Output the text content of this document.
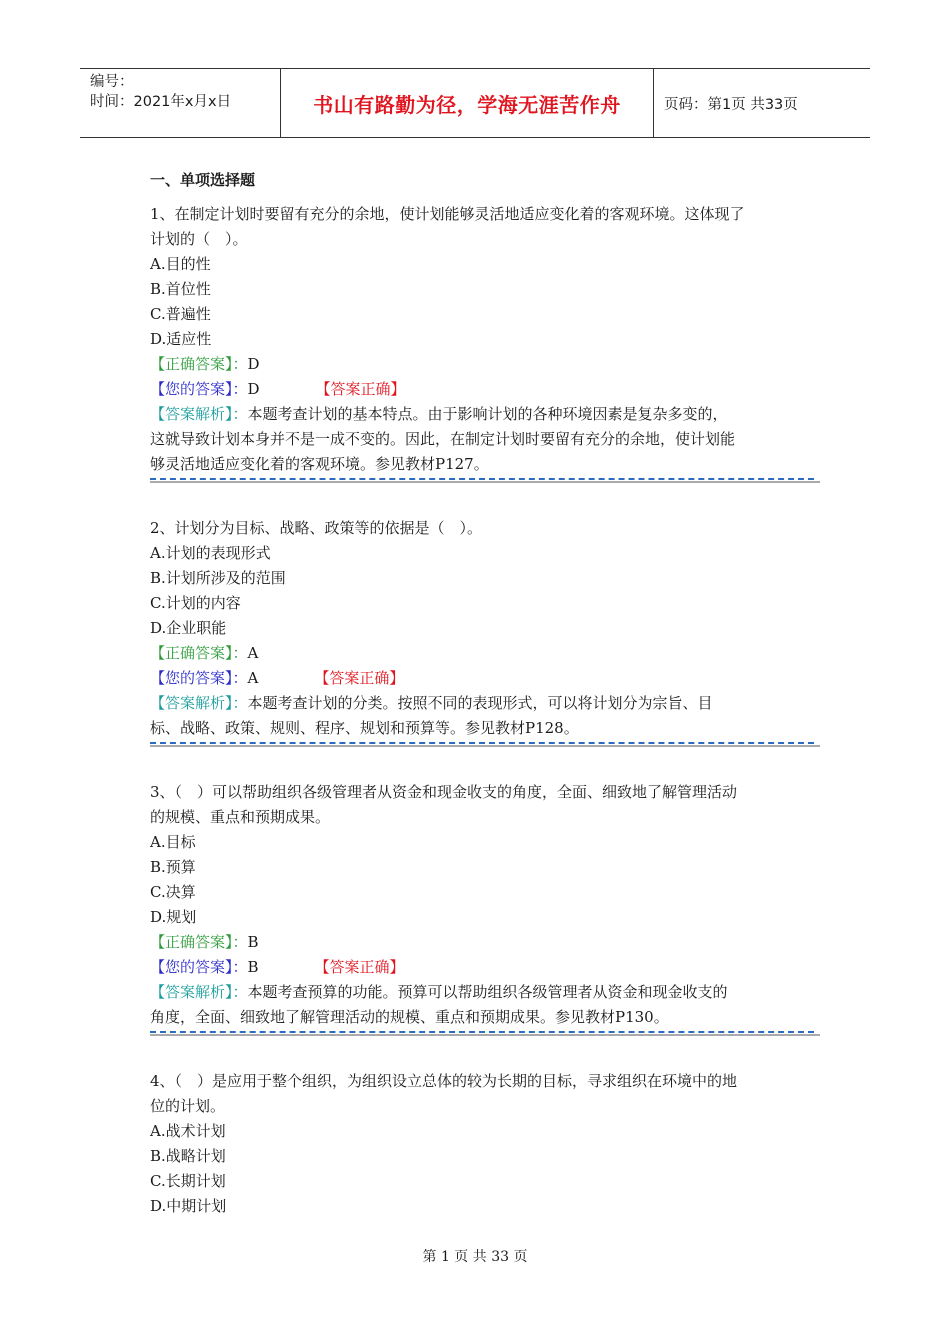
编号：
时间：2021年x月x日	书山有路勤为径，学海无涯苦作舟	页码：第1页 共33页
一、单项选择题
1、在制定计划时要留有充分的余地，使计划能够灵活地适应变化着的客观环境。这体现了
计划的（　）。
A.目的性
B.首位性
C.普遍性
D.适应性
【正确答案】：D
【您的答案】：D	【答案正确】
【答案解析】：本题考查计划的基本特点。由于影响计划的各种环境因素是复杂多变的，
这就导致计划本身并不是一成不变的。因此，在制定计划时要留有充分的余地，使计划能
够灵活地适应变化着的客观环境。参见教材P127。
2、计划分为目标、战略、政策等的依据是（　）。
A.计划的表现形式
B.计划所涉及的范围
C.计划的内容
D.企业职能
【正确答案】：A
【您的答案】：A	【答案正确】
【答案解析】：本题考查计划的分类。按照不同的表现形式，可以将计划分为宗旨、目
标、战略、政策、规则、程序、规划和预算等。参见教材P128。
3、（　）可以帮助组织各级管理者从资金和现金收支的角度，全面、细致地了解管理活动
的规模、重点和预期成果。
A.目标
B.预算
C.决算
D.规划
【正确答案】：B
【您的答案】：B	【答案正确】
【答案解析】：本题考查预算的功能。预算可以帮助组织各级管理者从资金和现金收支的
角度，全面、细致地了解管理活动的规模、重点和预期成果。参见教材P130。
4、（　）是应用于整个组织，为组织设立总体的较为长期的目标，寻求组织在环境中的地
位的计划。
A.战术计划
B.战略计划
C.长期计划
D.中期计划
第 1 页 共 33 页
